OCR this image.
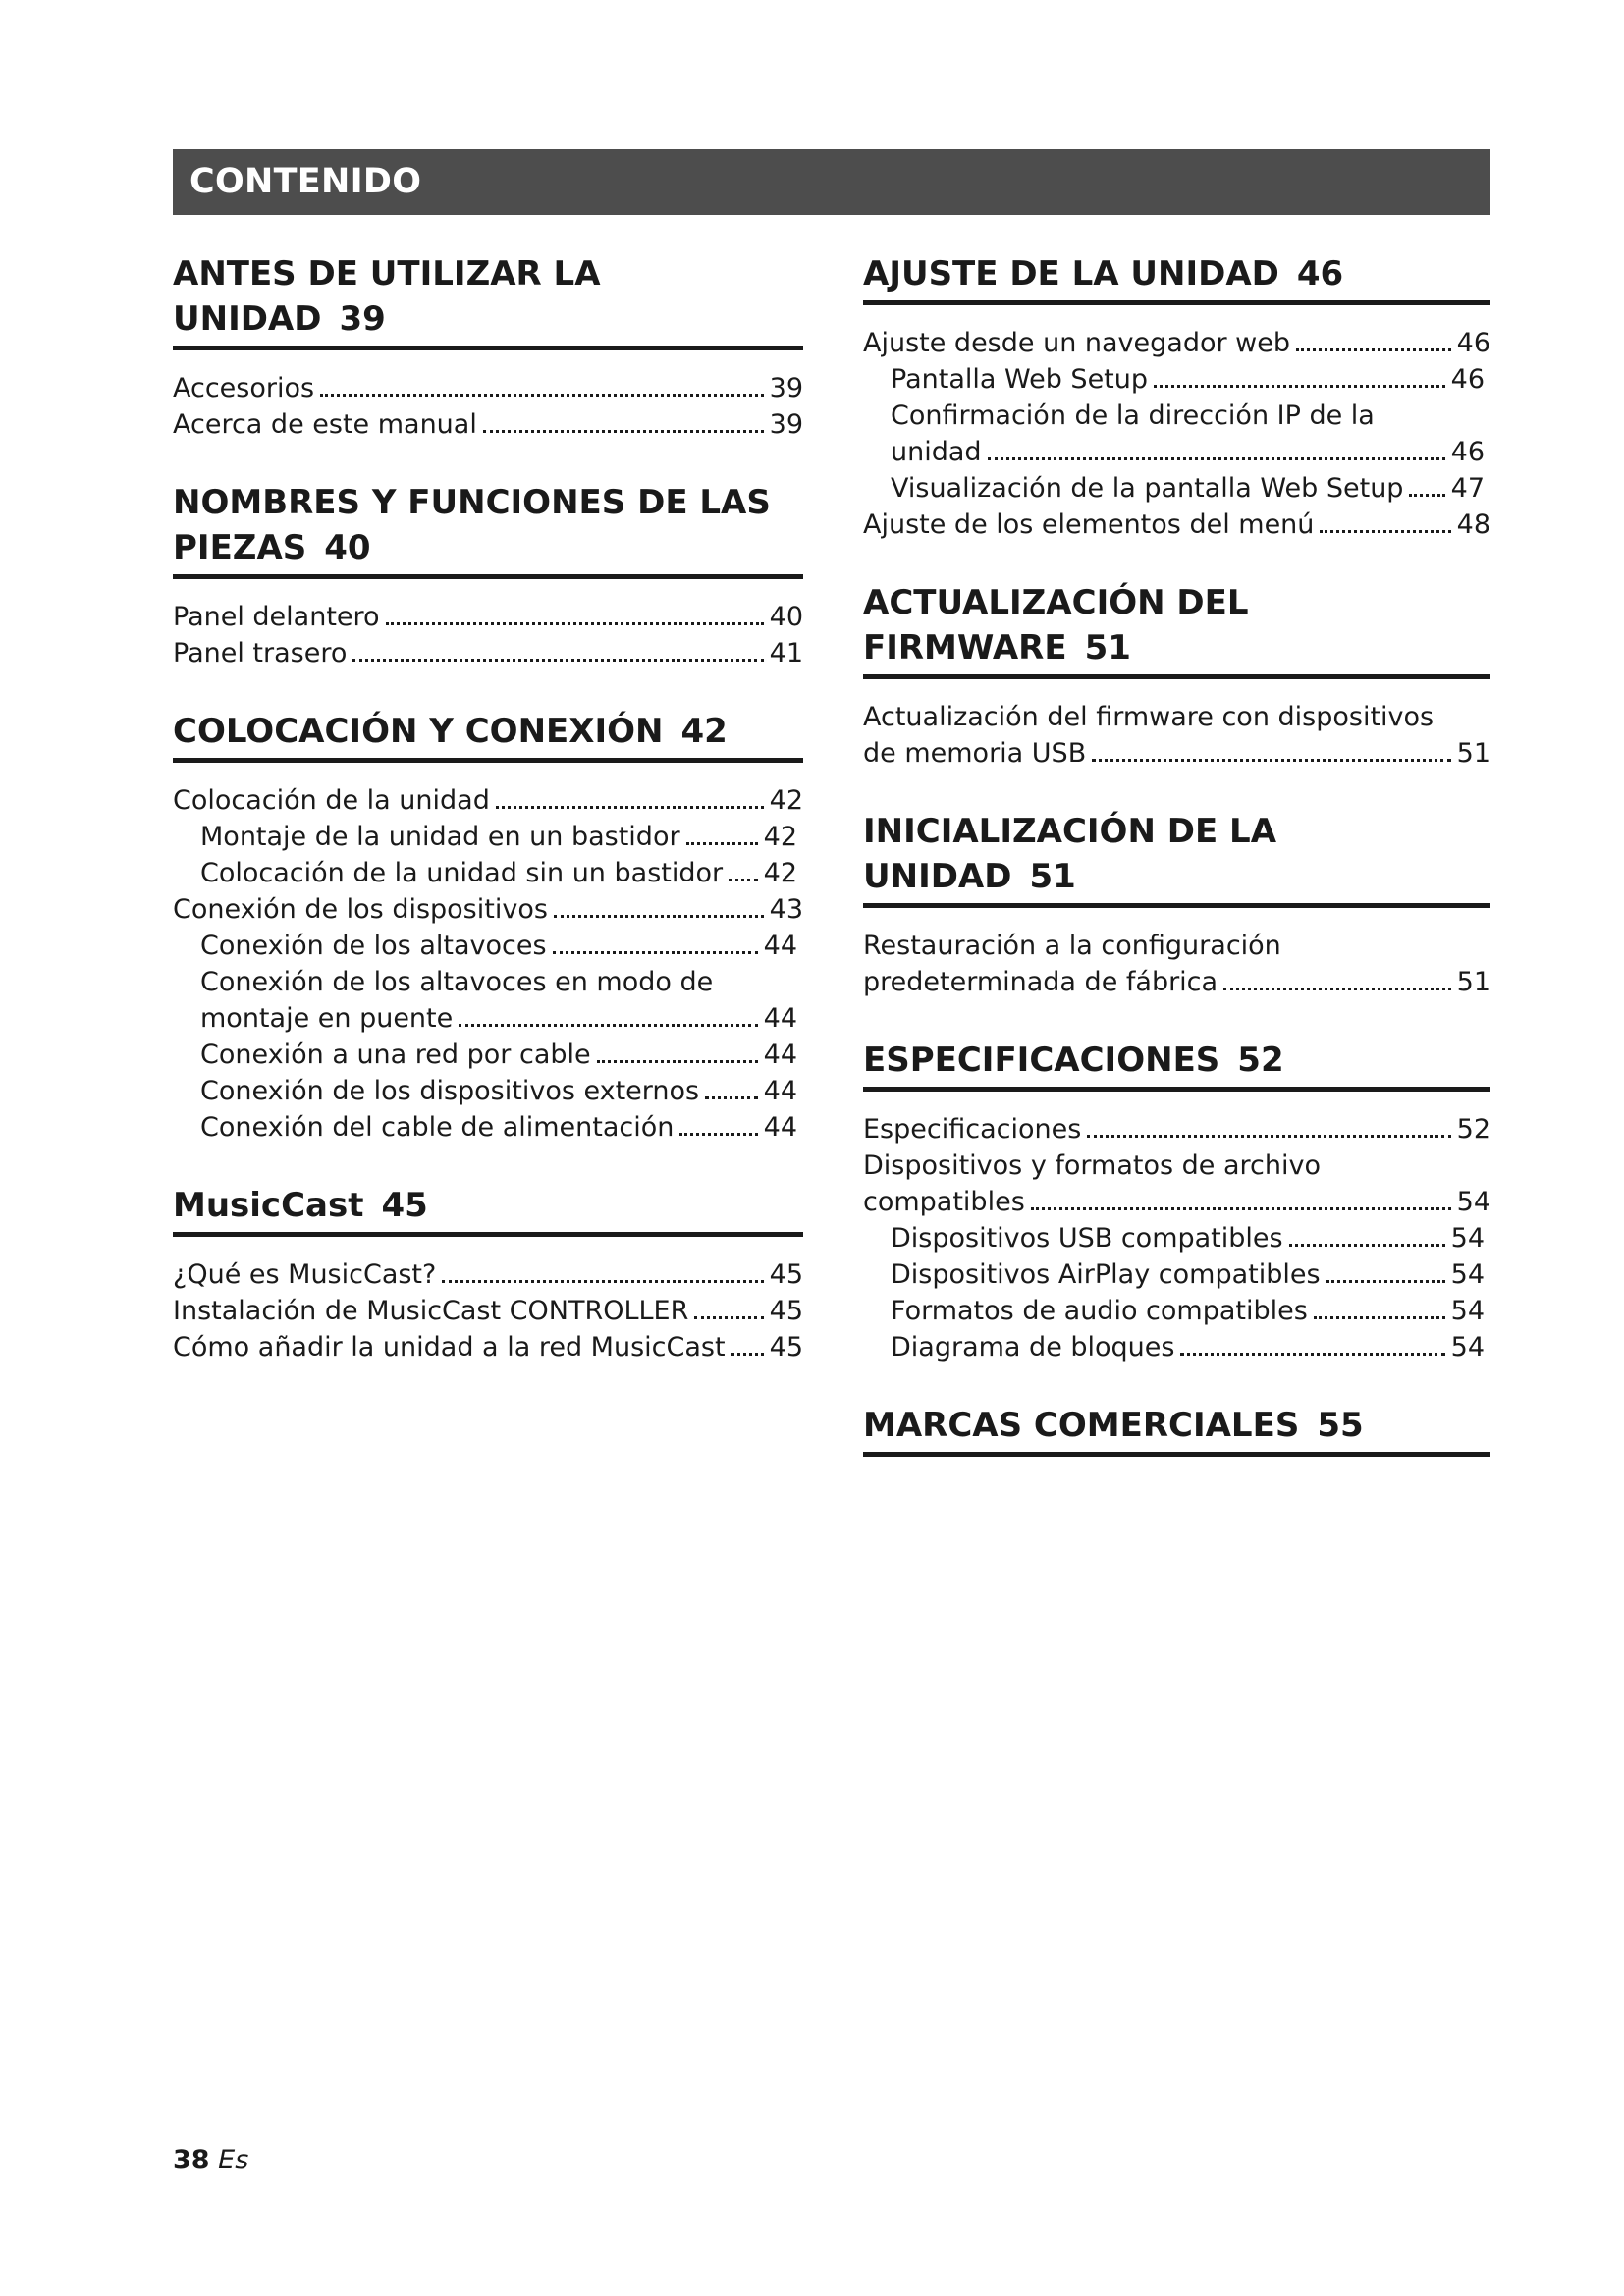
CONTENIDO
ANTES DE UTILIZAR LA UNIDAD 39
Accesorios	39
Acerca de este manual	39
NOMBRES Y FUNCIONES DE LAS
PIEZAS 40
Panel delantero	40
Panel trasero	41
COLOCACIÓN Y CONEXIÓN 42
Colocación de la unidad	42
Montaje de la unidad en un bastidor	42
Colocación de la unidad sin un bastidor 42
Conexión de los dispositivos	43
Conexión de los altavoces	44
Conexión de los altavoces en modo de
montaje en puente	44
Conexión a una red por cable	44
Conexión de los dispositivos externos 44
Conexión del cable de alimentación	44
MusicCast 45
¿Qué es MusicCast?	45
Instalación de MusicCast CONTROLLER	45
Cómo añadir la unidad a la red MusicCast 45
AJUSTE DE LA UNIDAD 46
Ajuste desde un navegador web	46
Pantalla Web Setup	46
Confirmación de la dirección IP de la
unidad	46
Visualización de la pantalla Web Setup 47
Ajuste de los elementos del menú	48
ACTUALIZACIÓN DEL FIRMWARE 51
Actualización del firmware con dispositivos
de memoria USB	51
INICIALIZACIÓN DE LA UNIDAD 51
Restauración a la configuración
predeterminada de fábrica	51
ESPECIFICACIONES 52
Especificaciones	52
Dispositivos y formatos de archivo
compatibles	54
Dispositivos USB compatibles	54
Dispositivos AirPlay compatibles	54
Formatos de audio compatibles	54
Diagrama de bloques	54
MARCAS COMERCIALES 55
38 Es
